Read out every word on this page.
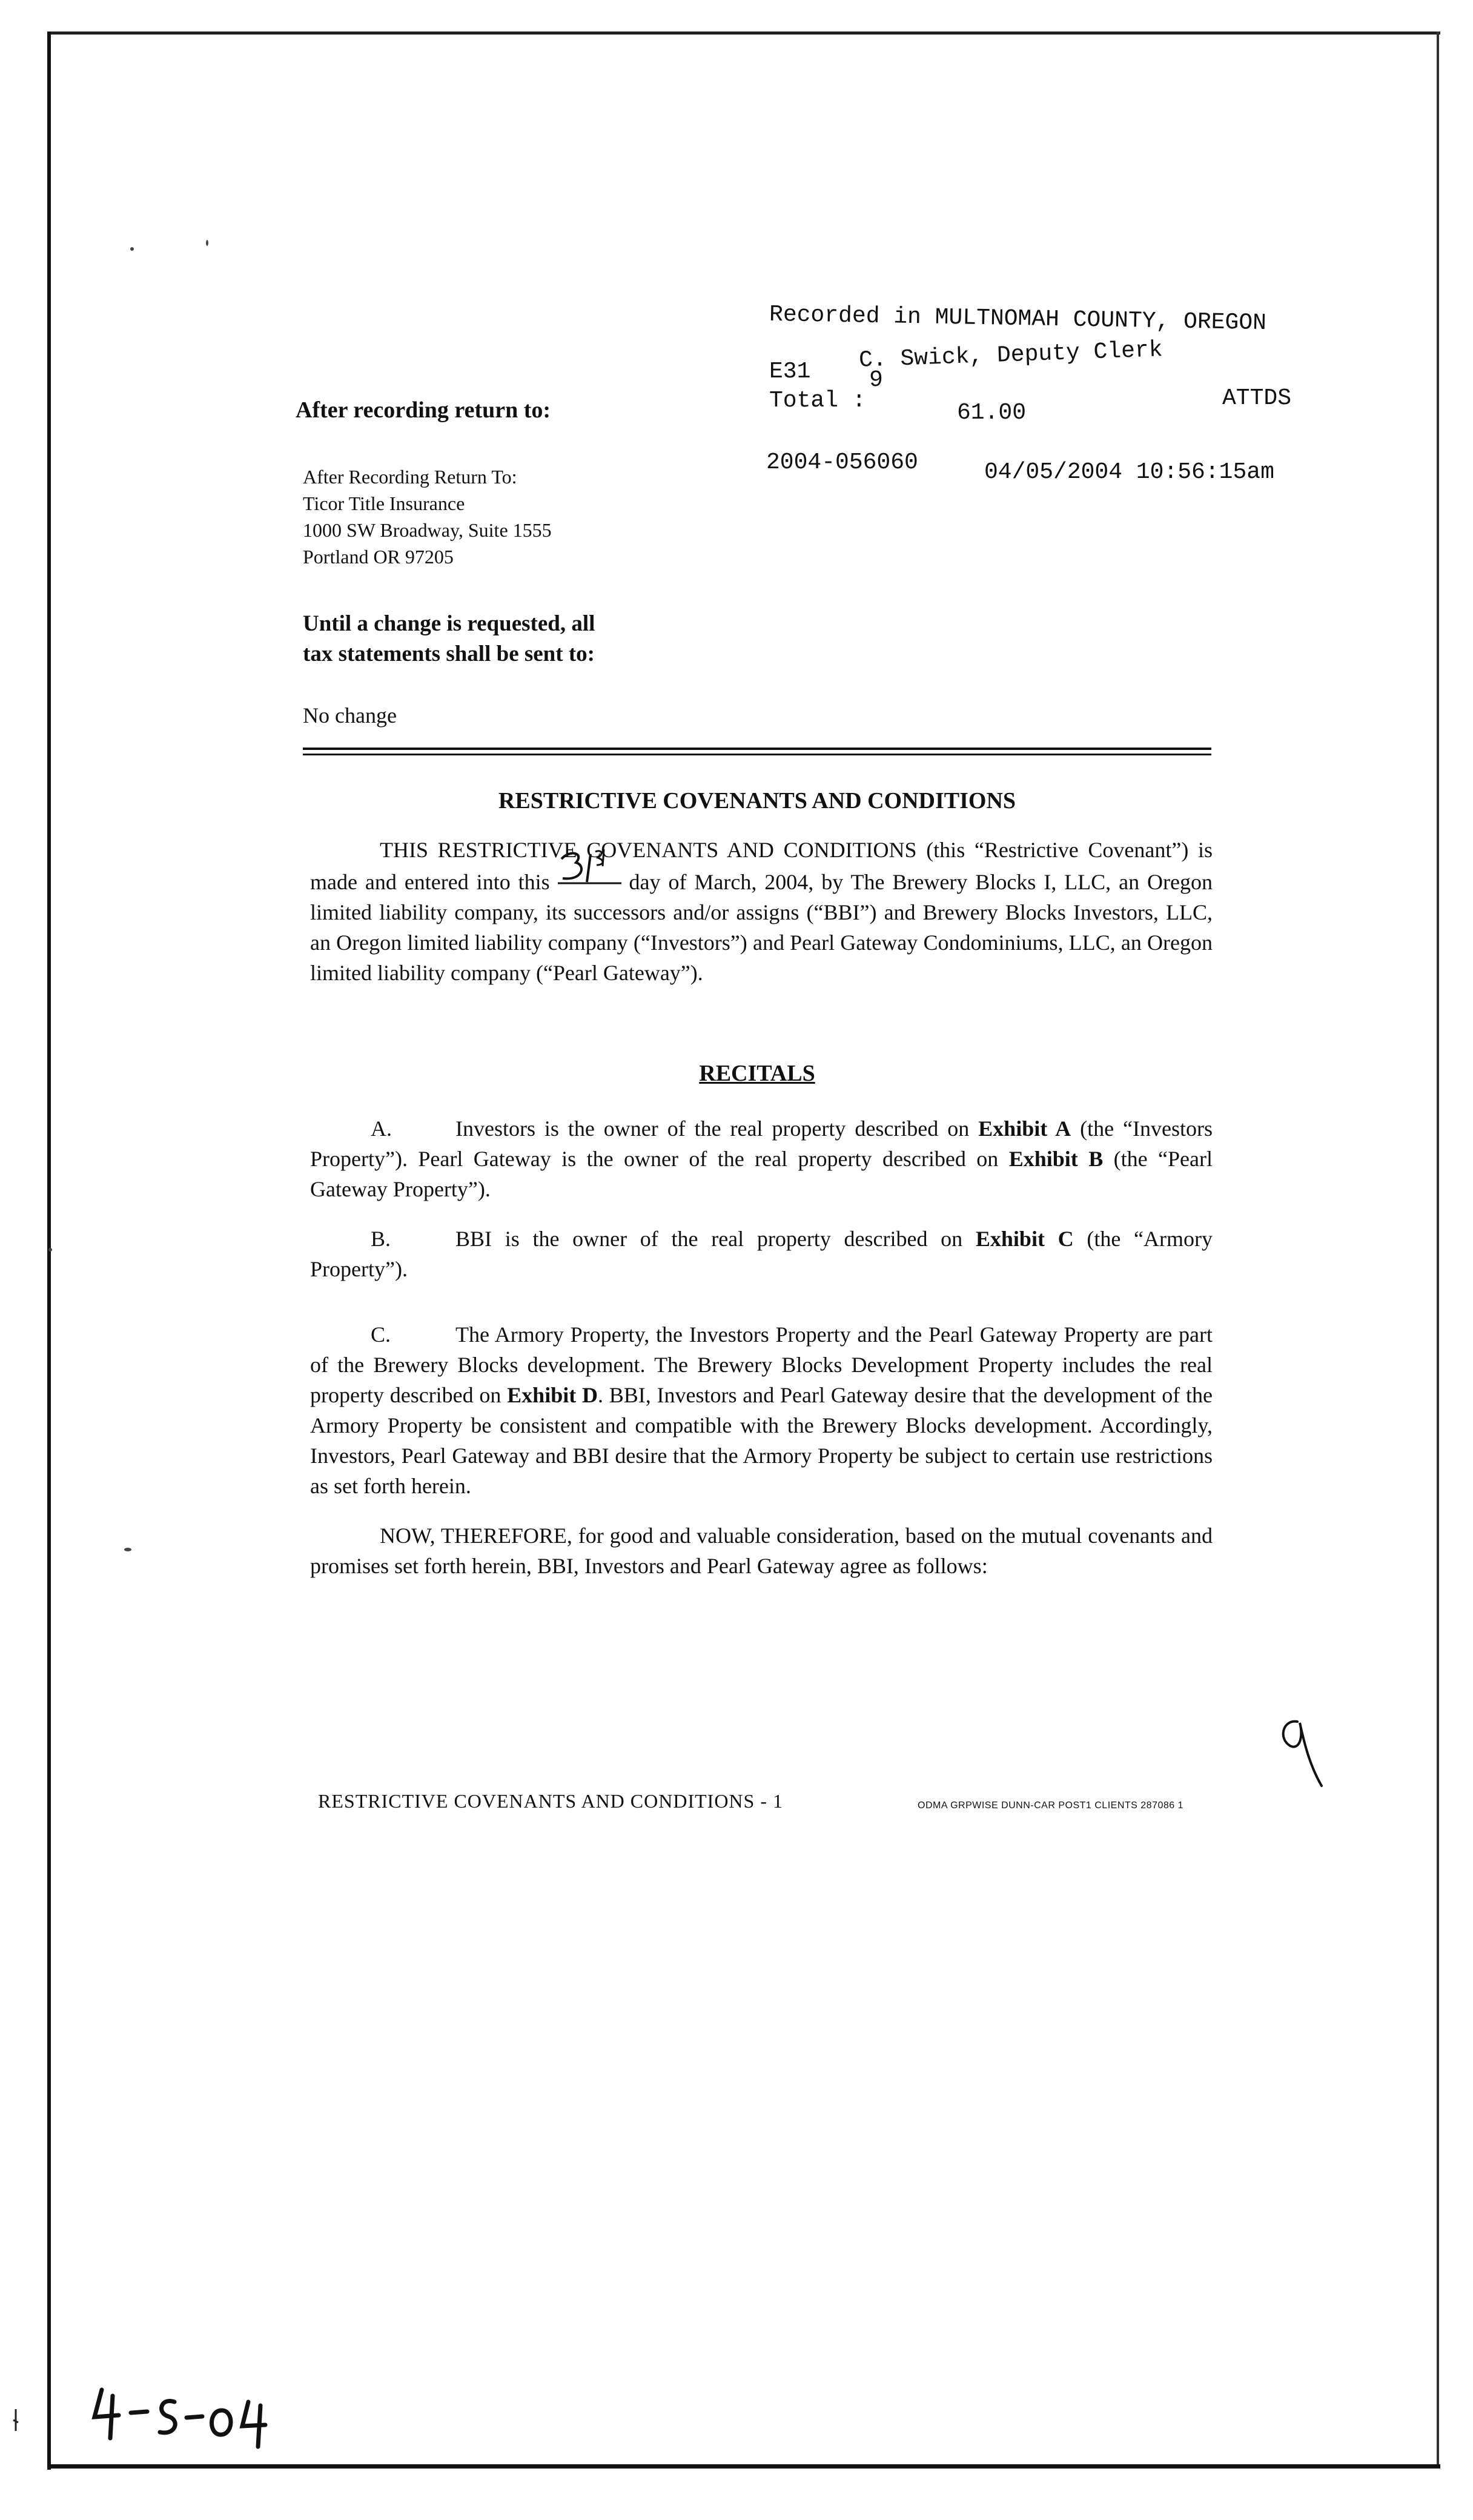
Recorded in MULTNOMAH COUNTY, OREGON
C. Swick, Deputy Clerk
E31	9
ATTDS
Total :	61.00
2004-056060	04/05/2004 10:56:15am
After recording return to:
After Recording Return To:
Ticor Title Insurance
1000 SW Broadway, Suite 1555
Portland OR 97205
Until a change is requested, all
tax statements shall be sent to:
No change
RESTRICTIVE COVENANTS AND CONDITIONS
THIS RESTRICTIVE COVENANTS AND CONDITIONS (this “Restrictive Covenant”) is made and entered into this	day of March, 2004, by The Brewery Blocks I, LLC, an Oregon limited liability company, its successors and/or assigns (“BBI”) and Brewery Blocks Investors, LLC, an Oregon limited liability company (“Investors”) and Pearl Gateway Condominiums, LLC, an Oregon limited liability company (“Pearl Gateway”).
RECITALS
A.	Investors is the owner of the real property described on Exhibit A (the “Investors Property”). Pearl Gateway is the owner of the real property described on Exhibit B (the “Pearl Gateway Property”).
B.	BBI is the owner of the real property described on Exhibit C (the “Armory Property”).
C.	The Armory Property, the Investors Property and the Pearl Gateway Property are part of the Brewery Blocks development. The Brewery Blocks Development Property includes the real property described on Exhibit D. BBI, Investors and Pearl Gateway desire that the development of the Armory Property be consistent and compatible with the Brewery Blocks development. Accordingly, Investors, Pearl Gateway and BBI desire that the Armory Property be subject to certain use restrictions as set forth herein.
NOW, THEREFORE, for good and valuable consideration, based on the mutual covenants and promises set forth herein, BBI, Investors and Pearl Gateway agree as follows:
RESTRICTIVE COVENANTS AND CONDITIONS - 1	ODMA GRPWISE DUNN-CAR POST1 CLIENTS 287086 1
